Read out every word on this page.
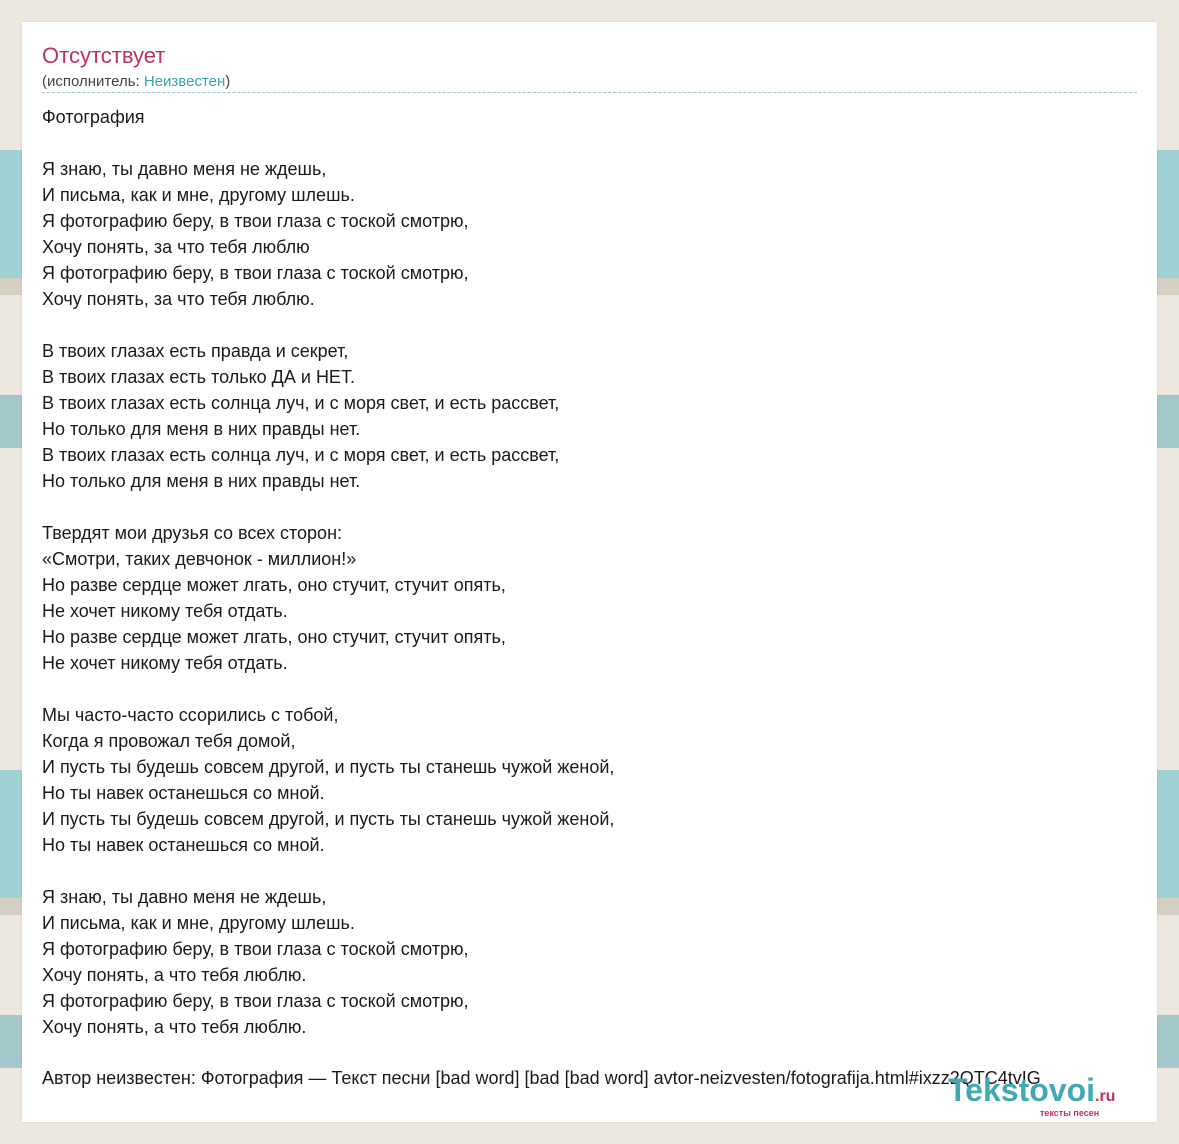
Отсутствует
(исполнитель: Неизвестен)
Фотография
Я знаю, ты давно меня не ждешь,
И письма, как и мне, другому шлешь.
Я фотографию беру, в твои глаза с тоской смотрю,
Хочу понять, за что тебя люблю
Я фотографию беру, в твои глаза с тоской смотрю,
Хочу понять, за что тебя люблю.
В твоих глазах есть правда и секрет,
В твоих глазах есть только ДА и НЕТ.
В твоих глазах есть солнца луч, и с моря свет, и есть рассвет,
Но только для меня в них правды нет.
В твоих глазах есть солнца луч, и с моря свет, и есть рассвет,
Но только для меня в них правды нет.
Твердят мои друзья со всех сторон:
«Смотри, таких девчонок - миллион!»
Но разве сердце может лгать, оно стучит, стучит опять,
Не хочет никому тебя отдать.
Но разве сердце может лгать, оно стучит, стучит опять,
Не хочет никому тебя отдать.
Мы часто-часто ссорились с тобой,
Когда я провожал тебя домой,
И пусть ты будешь совсем другой, и пусть ты станешь чужой женой,
Но ты навек останешься со мной.
И пусть ты будешь совсем другой, и пусть ты станешь чужой женой,
Но ты навек останешься со мной.
Я знаю, ты давно меня не ждешь,
И письма, как и мне, другому шлешь.
Я фотографию беру, в твои глаза с тоской смотрю,
Хочу понять, а что тебя люблю.
Я фотографию беру, в твои глаза с тоской смотрю,
Хочу понять, а что тебя люблю.
Автор неизвестен: Фотография — Текст песни [bad word] [bad [bad word] avtor-neizvesten/fotografija.html#ixzz2QTC4tvIG
Tekstovoi.ru
тексты песен
